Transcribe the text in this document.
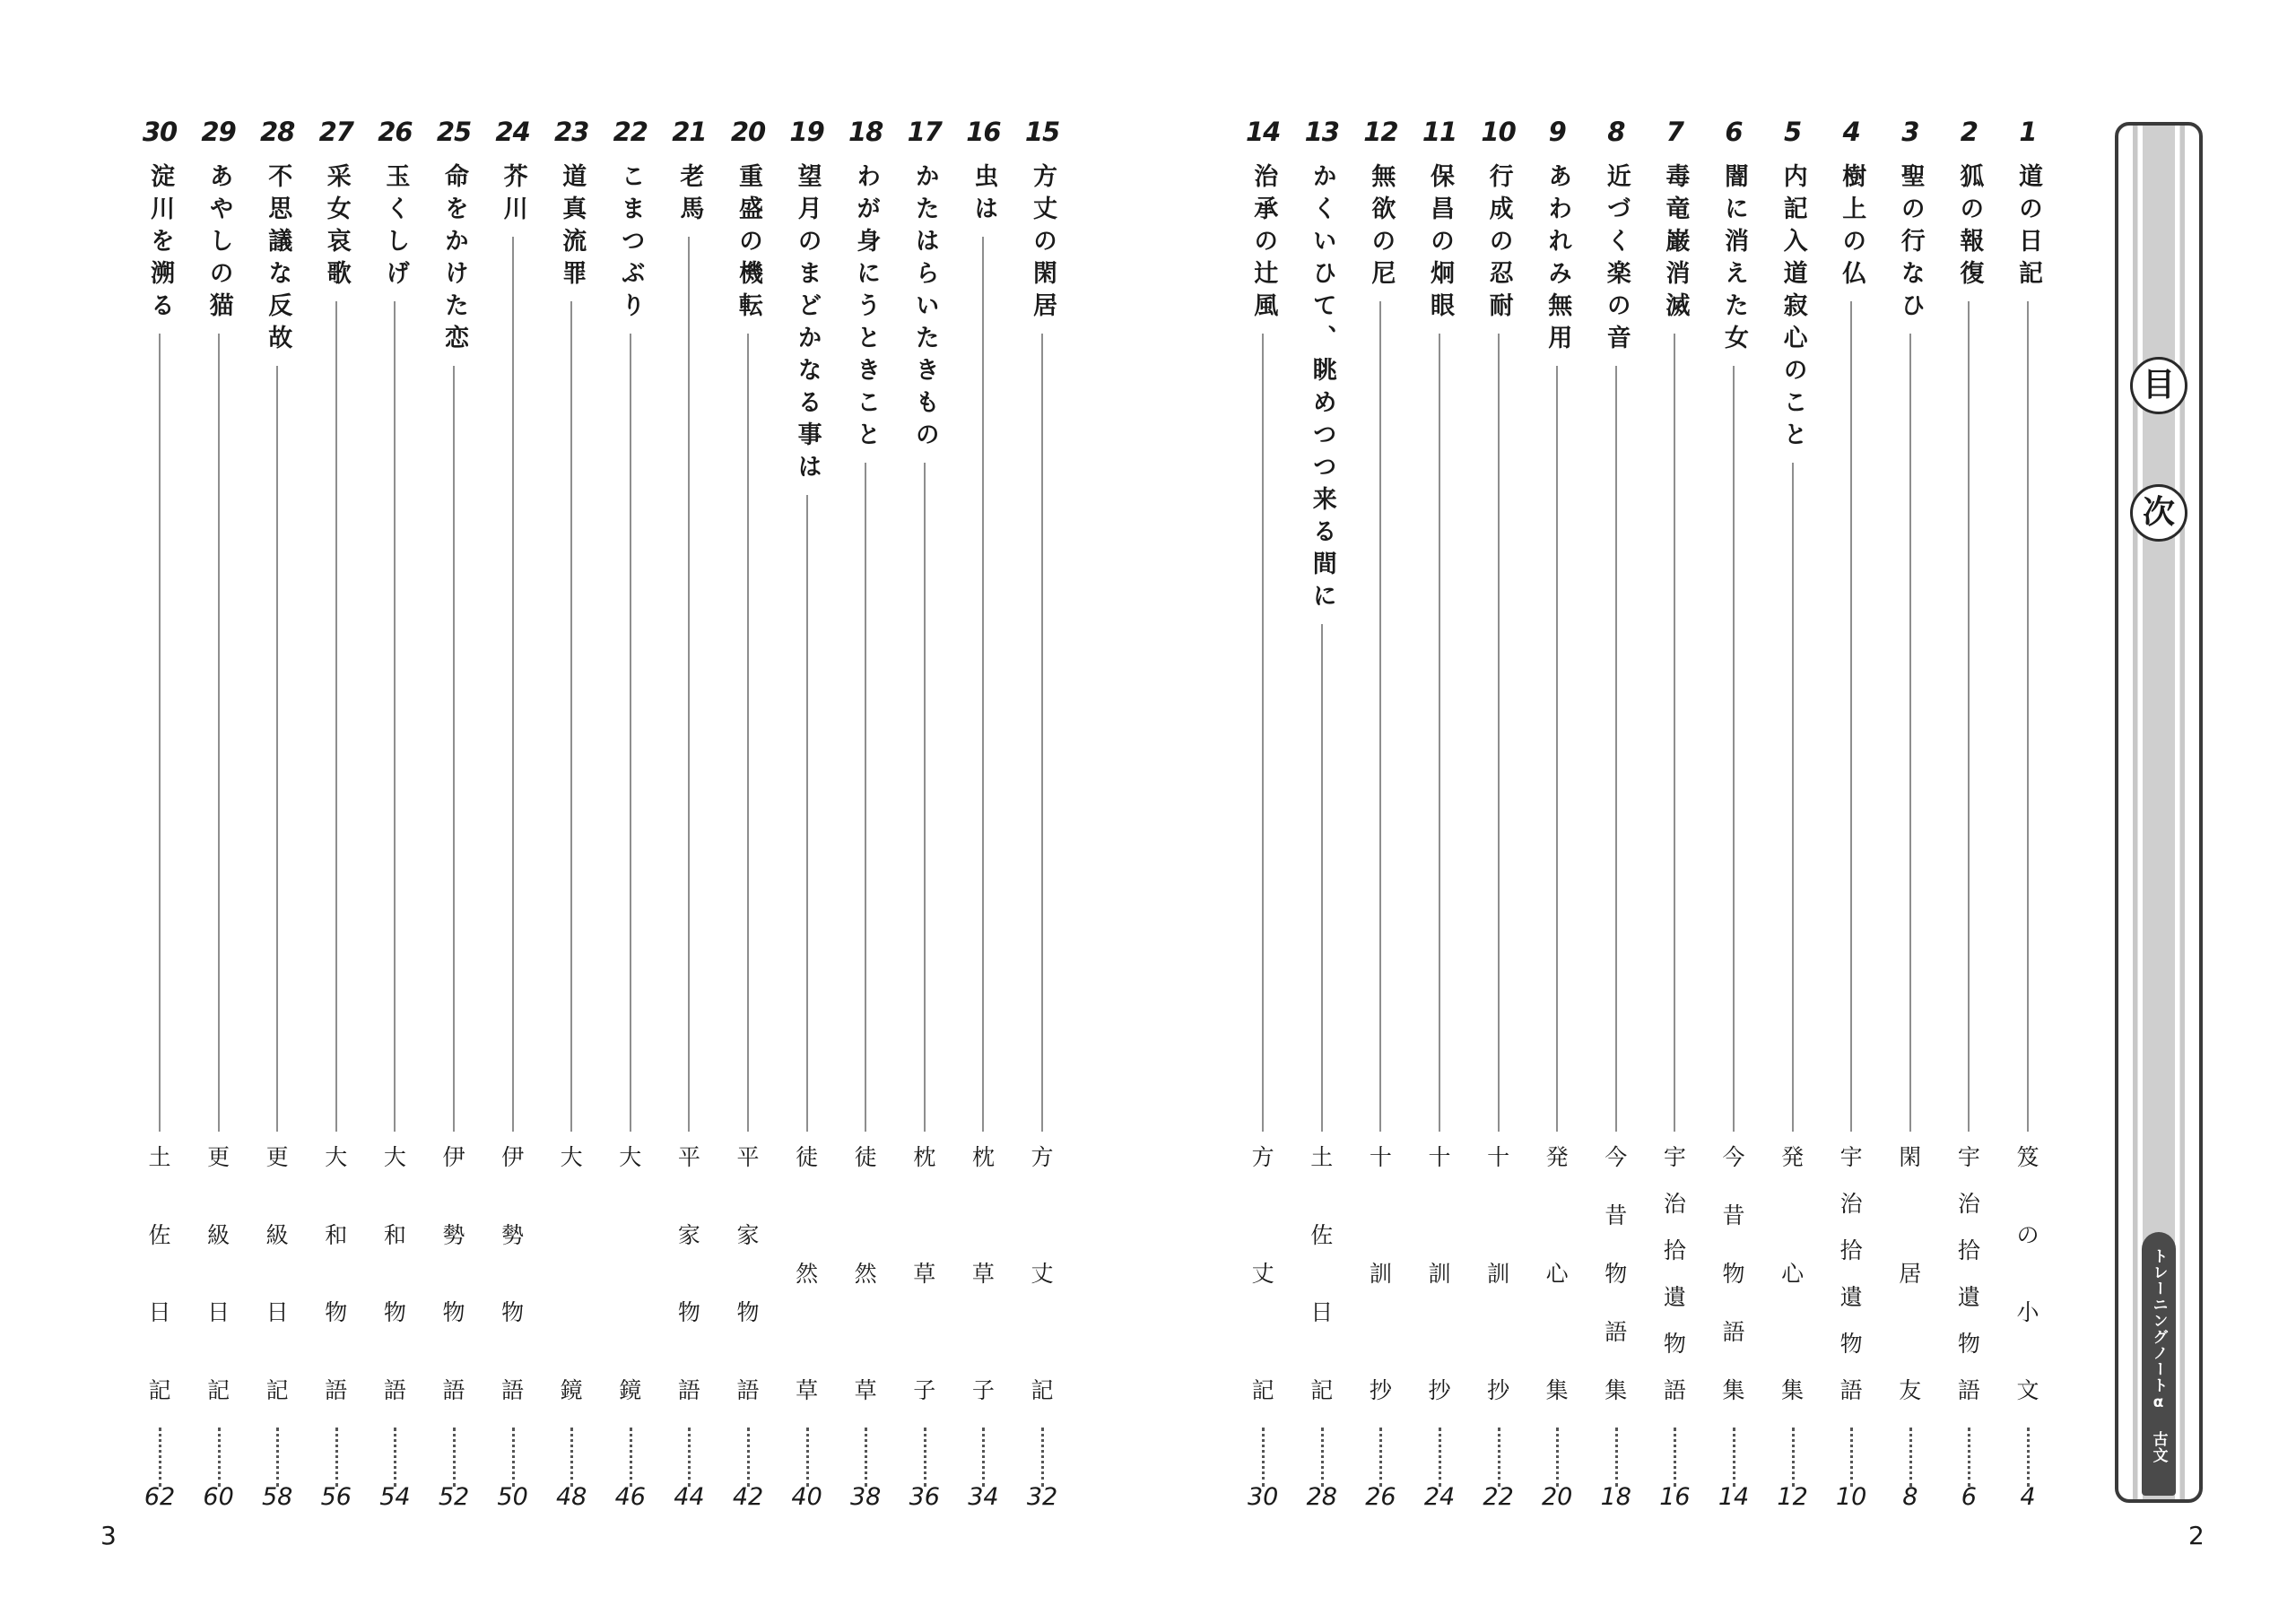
1
道の日記
笈
の
小
文
4
2
狐の報復
宇
治
拾
遺
物
語
6
3
聖の行なひ
閑
居
友
8
4
樹上の仏
宇
治
拾
遺
物
語
10
5
内記入道寂心のこと
発
心
集
12
6
闇に消えた女
今
昔
物
語
集
14
7
毒竜巌消滅
宇
治
拾
遺
物
語
16
8
近づく楽の音
今
昔
物
語
集
18
9
あわれみ無用
発
心
集
20
10
行成の忍耐
十
訓
抄
22
11
保昌の炯眼
十
訓
抄
24
12
無欲の尼
十
訓
抄
26
13
かくいひて、眺めつつ来る間に
土
佐
日
記
28
14
治承の辻風
方
丈
記
30
15
方丈の閑居
方
丈
記
32
16
虫は
枕
草
子
34
17
かたはらいたきもの
枕
草
子
36
18
わが身にうときこと
徒
然
草
38
19
望月のまどかなる事は
徒
然
草
40
20
重盛の機転
平
家
物
語
42
21
老馬
平
家
物
語
44
22
こまつぶり
大
鏡
46
23
道真流罪
大
鏡
48
24
芥川
伊
勢
物
語
50
25
命をかけた恋
伊
勢
物
語
52
26
玉くしげ
大
和
物
語
54
27
采女哀歌
大
和
物
語
56
28
不思議な反故
更
級
日
記
58
29
あやしの猫
更
級
日
記
60
30
淀川を溯る
土
佐
日
記
62
目
次
トレーニングノートα 古文
2
3
